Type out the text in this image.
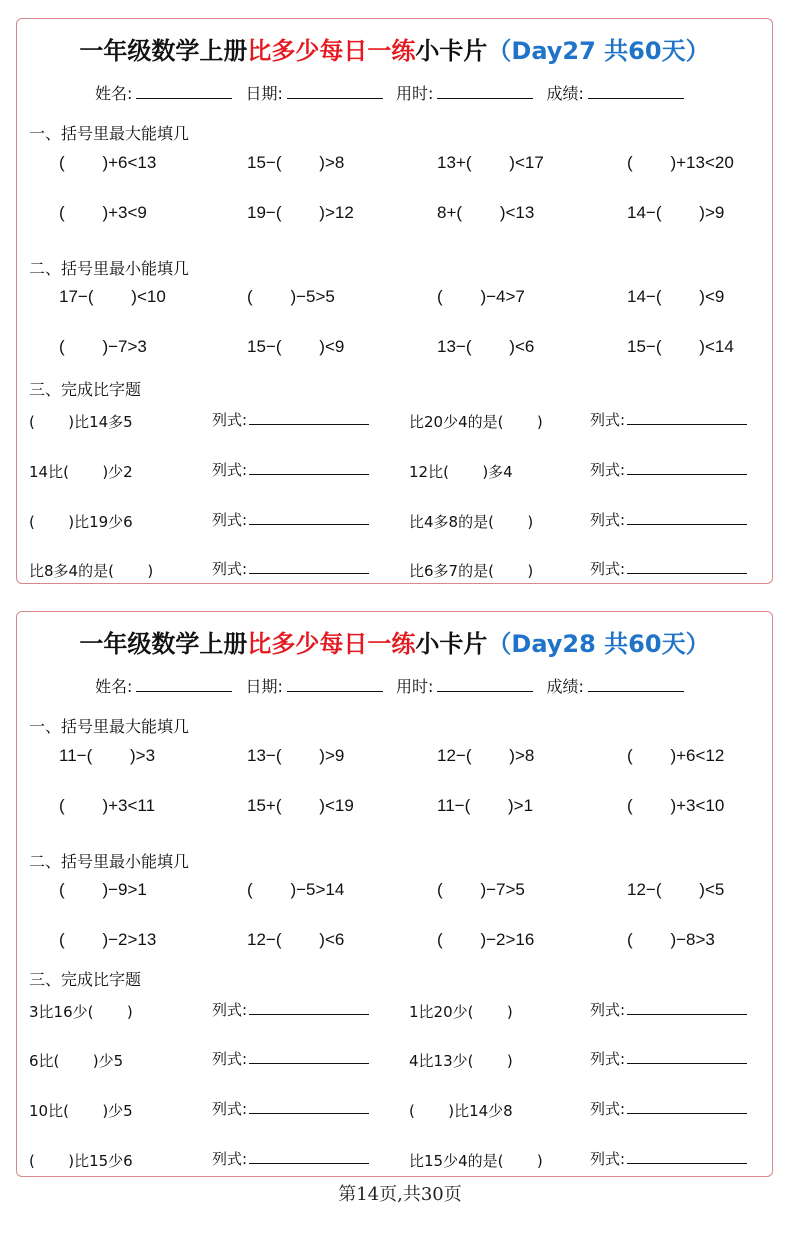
一年级数学上册比多少每日一练小卡片（Day27 共60天）
姓名:	日期:	用时:	成绩:
一、括号里最大能填几
(        )+6<13	15−(        )>8	13+(        )<17	(        )+13<20
(        )+3<9	19−(        )>12	8+(        )<13	14−(        )>9
二、括号里最小能填几
17−(        )<10	(        )−5>5	(        )−4>7	14−(        )<9
(        )−7>3	15−(        )<9	13−(        )<6	15−(        )<14
三、完成比字题
(       )比14多5	列式:	比20少4的是(       )	列式:
14比(       )少2	列式:	12比(       )多4	列式:
(       )比19少6	列式:	比4多8的是(       )	列式:
比8多4的是(       )	列式:	比6多7的是(       )	列式:
一年级数学上册比多少每日一练小卡片（Day28 共60天）
姓名:	日期:	用时:	成绩:
一、括号里最大能填几
11−(        )>3	13−(        )>9	12−(        )>8	(        )+6<12
(        )+3<11	15+(        )<19	11−(        )>1	(        )+3<10
二、括号里最小能填几
(        )−9>1	(        )−5>14	(        )−7>5	12−(        )<5
(        )−2>13	12−(        )<6	(        )−2>16	(        )−8>3
三、完成比字题
3比16少(       )	列式:	1比20少(       )	列式:
6比(       )少5	列式:	4比13少(       )	列式:
10比(       )少5	列式:	(       )比14少8	列式:
(       )比15少6	列式:	比15少4的是(       )	列式:
第14页,共30页
